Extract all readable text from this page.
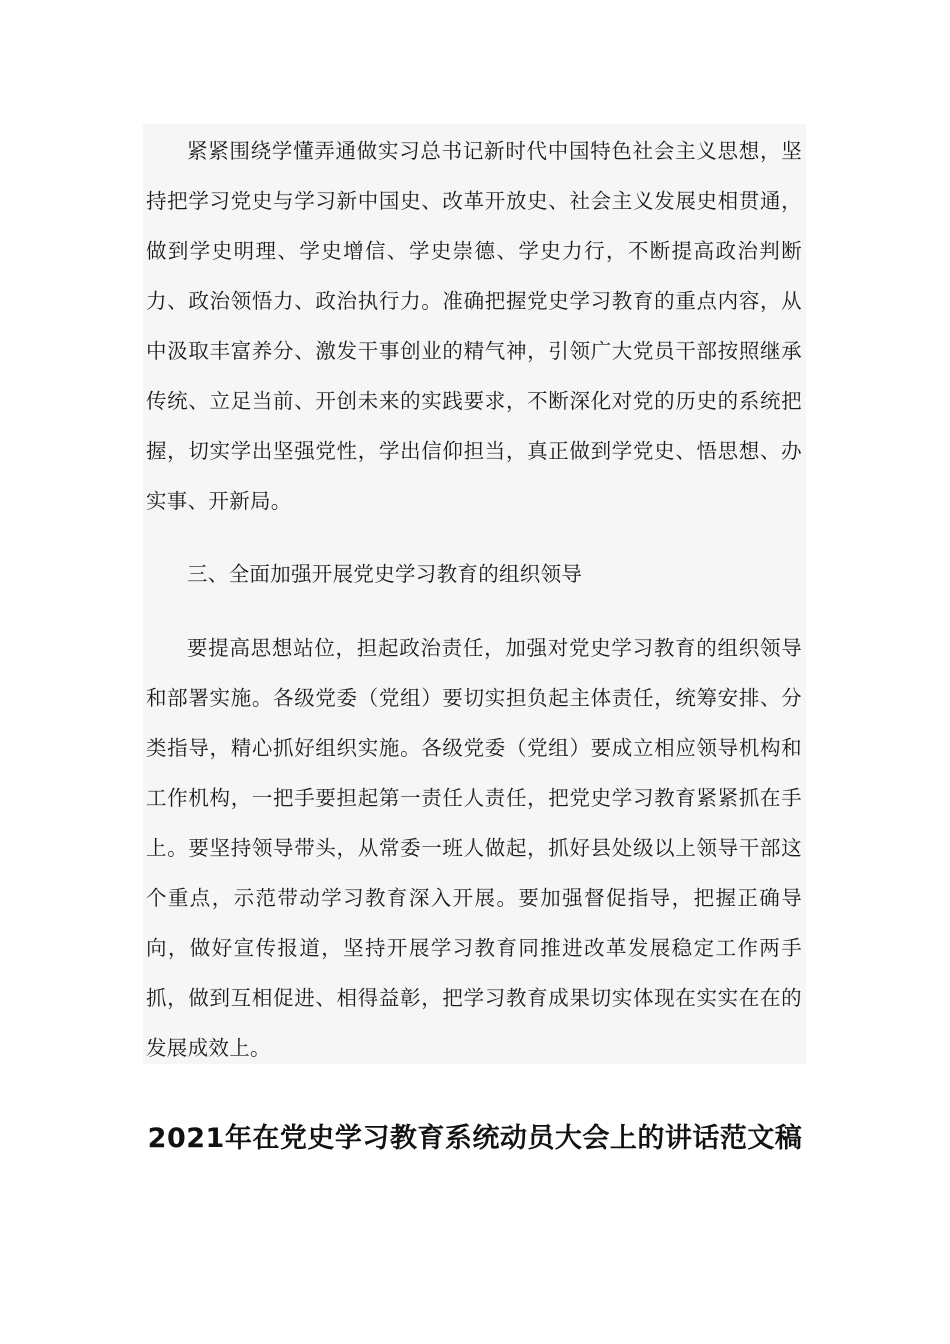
紧紧围绕学懂弄通做实习总书记新时代中国特色社会主义思想，坚持把学习党史与学习新中国史、改革开放史、社会主义发展史相贯通，做到学史明理、学史增信、学史崇德、学史力行，不断提高政治判断力、政治领悟力、政治执行力。准确把握党史学习教育的重点内容，从中汲取丰富养分、激发干事创业的精气神，引领广大党员干部按照继承传统、立足当前、开创未来的实践要求，不断深化对党的历史的系统把握，切实学出坚强党性，学出信仰担当，真正做到学党史、悟思想、办实事、开新局。

三、全面加强开展党史学习教育的组织领导

要提高思想站位，担起政治责任，加强对党史学习教育的组织领导和部署实施。各级党委（党组）要切实担负起主体责任，统筹安排、分类指导，精心抓好组织实施。各级党委（党组）要成立相应领导机构和工作机构，一把手要担起第一责任人责任，把党史学习教育紧紧抓在手上。要坚持领导带头，从常委一班人做起，抓好县处级以上领导干部这个重点，示范带动学习教育深入开展。要加强督促指导，把握正确导向，做好宣传报道，坚持开展学习教育同推进改革发展稳定工作两手抓，做到互相促进、相得益彰，把学习教育成果切实体现在实实在在的发展成效上。

2021年在党史学习教育系统动员大会上的讲话范文稿
